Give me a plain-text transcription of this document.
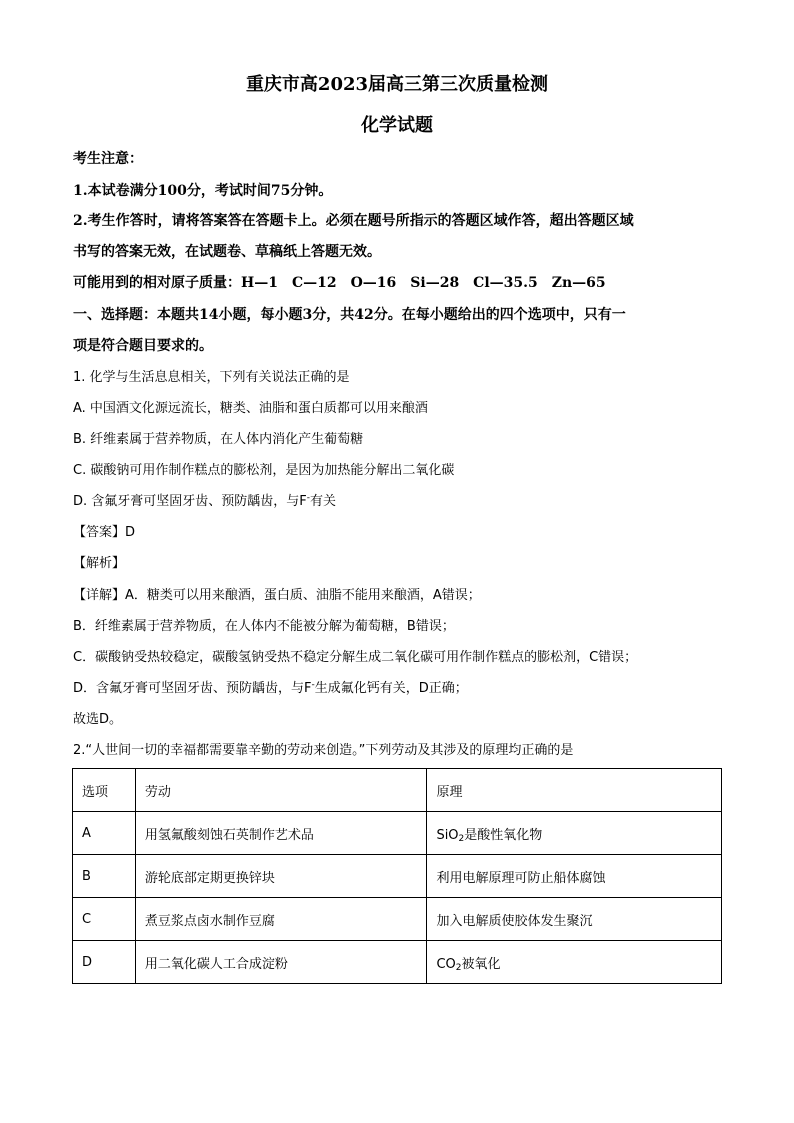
重庆市高2023届高三第三次质量检测
化学试题
考生注意：
1.本试卷满分100分，考试时间75分钟。
2.考生作答时，请将答案答在答题卡上。必须在题号所指示的答题区域作答，超出答题区域
书写的答案无效，在试题卷、草稿纸上答题无效。
可能用到的相对原子质量：H—1　C—12　O—16　Si—28　Cl—35.5　Zn—65
一、选择题：本题共14小题，每小题3分，共42分。在每小题给出的四个选项中，只有一
项是符合题目要求的。
1. 化学与生活息息相关，下列有关说法正确的是
A. 中国酒文化源远流长，糖类、油脂和蛋白质都可以用来酿酒
B. 纤维素属于营养物质，在人体内消化产生葡萄糖
C. 碳酸钠可用作制作糕点的膨松剂，是因为加热能分解出二氧化碳
D. 含氟牙膏可坚固牙齿、预防龋齿，与F-有关
【答案】D
【解析】
【详解】A．糖类可以用来酿酒，蛋白质、油脂不能用来酿酒，A错误；
B．纤维素属于营养物质，在人体内不能被分解为葡萄糖，B错误；
C．碳酸钠受热较稳定，碳酸氢钠受热不稳定分解生成二氧化碳可用作制作糕点的膨松剂，C错误；
D．含氟牙膏可坚固牙齿、预防龋齿，与F-生成氟化钙有关，D正确；
故选D。
2.“人世间一切的幸福都需要靠辛勤的劳动来创造。”下列劳动及其涉及的原理均正确的是
选项	劳动	原理
A	用氢氟酸刻蚀石英制作艺术品	SiO$_2$是酸性氧化物
B	游轮底部定期更换锌块	利用电解原理可防止船体腐蚀
C	煮豆浆点卤水制作豆腐	加入电解质使胶体发生聚沉
D	用二氧化碳人工合成淀粉	$CO_2$被氧化
